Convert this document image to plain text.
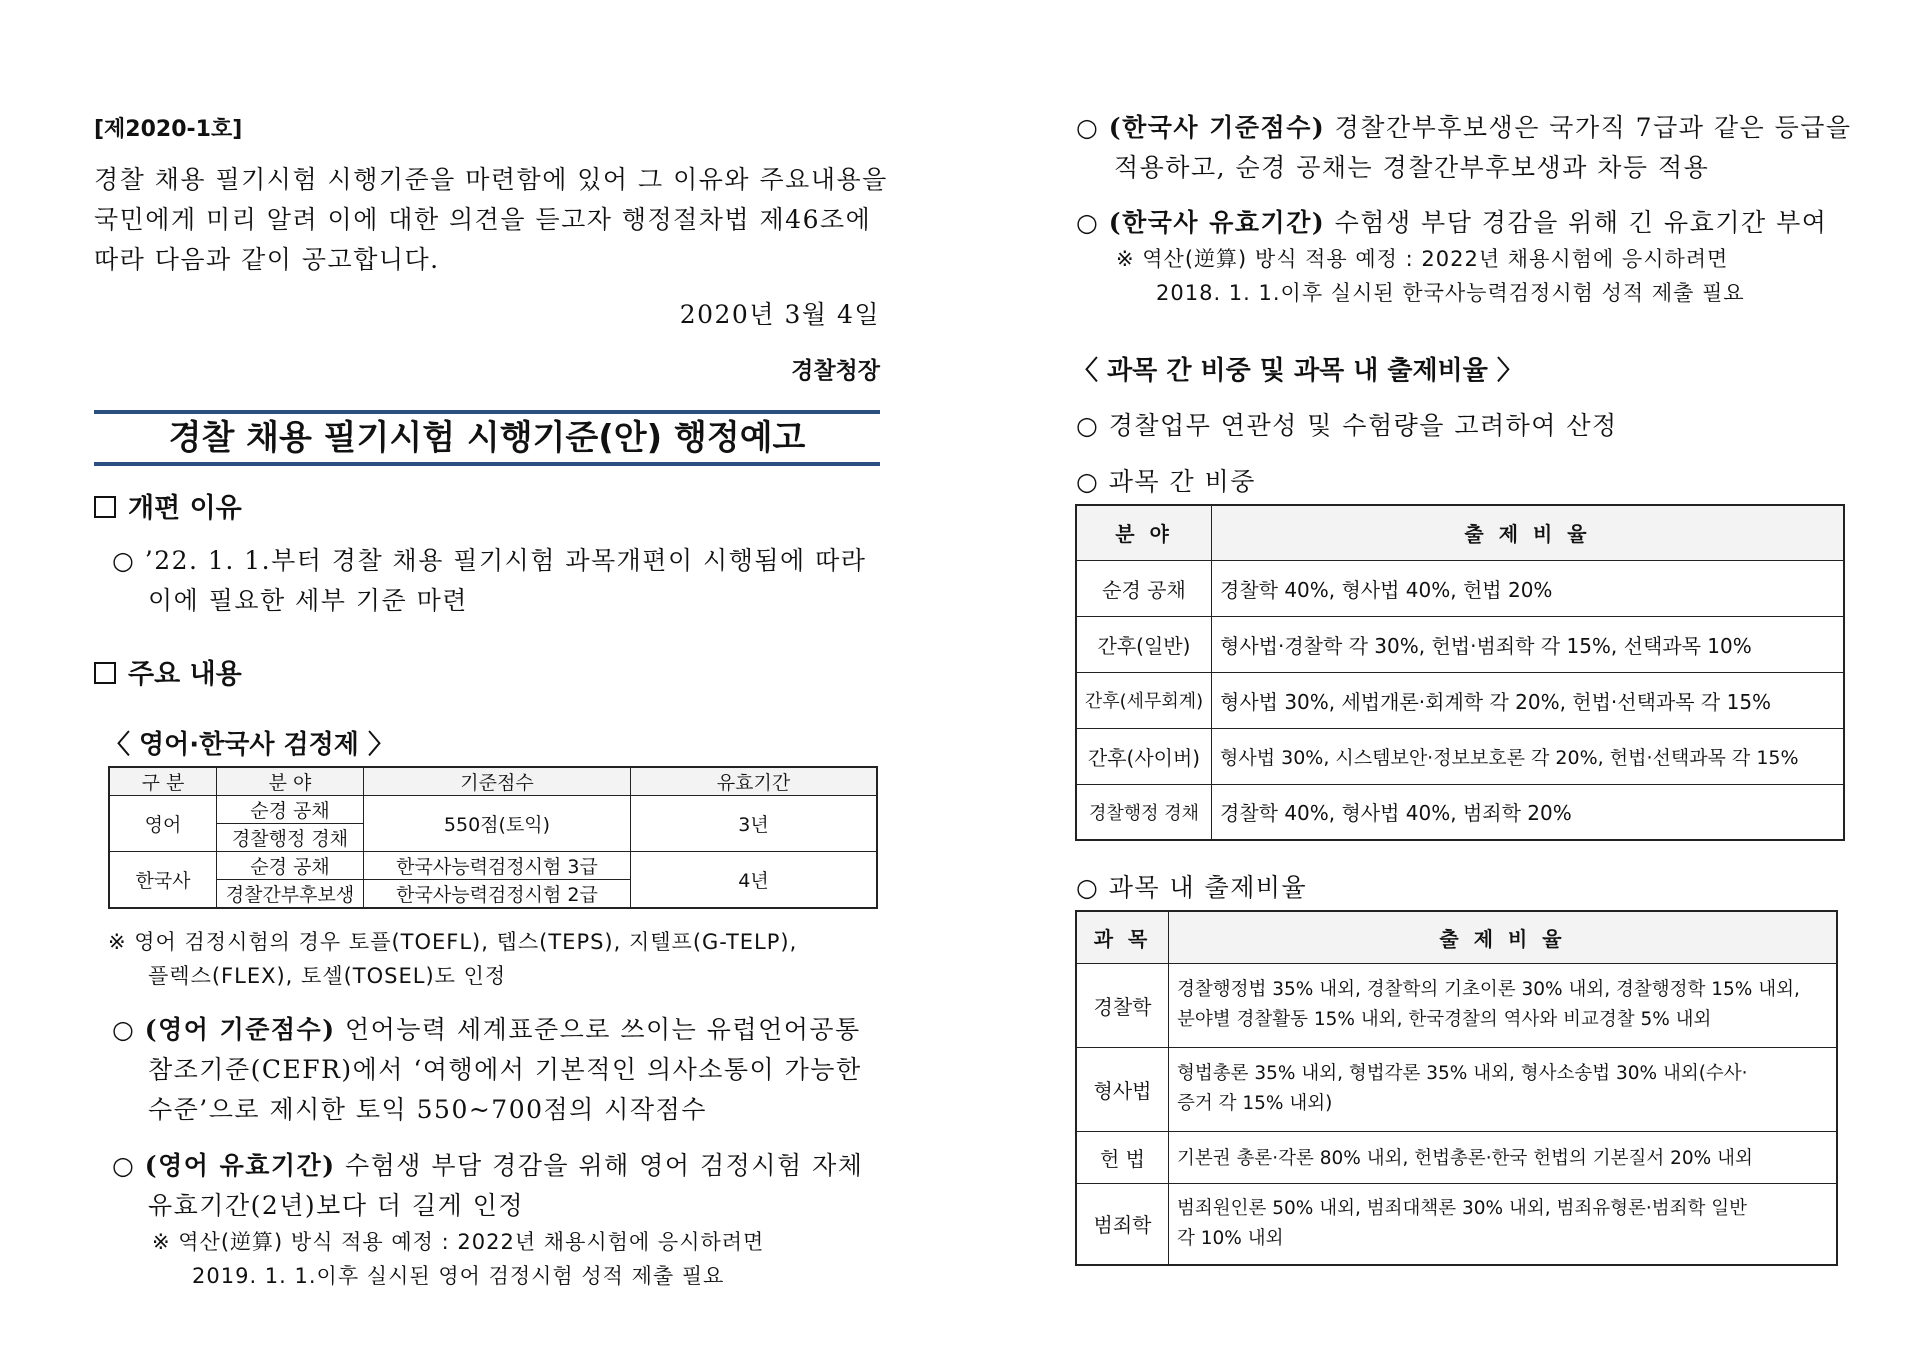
[제2020-1호]
경찰 채용 필기시험 시행기준을 마련함에 있어 그 이유와 주요내용을
국민에게 미리 알려 이에 대한 의견을 듣고자 행정절차법 제46조에
따라 다음과 같이 공고합니다.
2020년 3월 4일
경찰청장
경찰 채용 필기시험 시행기준(안) 행정예고
개편 이유
○ ’22. 1. 1.부터 경찰 채용 필기시험 과목개편이 시행됨에 따라
이에 필요한 세부 기준 마련
주요 내용
〈 영어·한국사 검정제 〉
구 분	분 야	기준점수	유효기간
영어	순경 공채	550점(토익)	3년
	경찰행정 경채		
한국사	순경 공채	한국사능력검정시험 3급	4년
	경찰간부후보생	한국사능력검정시험 2급	
※ 영어 검정시험의 경우 토플(TOEFL), 텝스(TEPS), 지텔프(G-TELP),
플렉스(FLEX), 토셀(TOSEL)도 인정
○ (영어 기준점수) 언어능력 세계표준으로 쓰이는 유럽언어공통
참조기준(CEFR)에서 ‘여행에서 기본적인 의사소통이 가능한
수준’으로 제시한 토익 550~700점의 시작점수
○ (영어 유효기간) 수험생 부담 경감을 위해 영어 검정시험 자체
유효기간(2년)보다 더 길게 인정
※ 역산(逆算) 방식 적용 예정 : 2022년 채용시험에 응시하려면
2019. 1. 1.이후 실시된 영어 검정시험 성적 제출 필요
○ (한국사 기준점수) 경찰간부후보생은 국가직 7급과 같은 등급을
적용하고, 순경 공채는 경찰간부후보생과 차등 적용
○ (한국사 유효기간) 수험생 부담 경감을 위해 긴 유효기간 부여
※ 역산(逆算) 방식 적용 예정 : 2022년 채용시험에 응시하려면
2018. 1. 1.이후 실시된 한국사능력검정시험 성적 제출 필요
〈 과목 간 비중 및 과목 내 출제비율 〉
○ 경찰업무 연관성 및 수험량을 고려하여 산정
○ 과목 간 비중
분 야	출 제 비 율
순경 공채	경찰학 40%, 형사법 40%, 헌법 20%
간후(일반)	형사법·경찰학 각 30%, 헌법·범죄학 각 15%, 선택과목 10%
간후(세무회계)	형사법 30%, 세법개론·회계학 각 20%, 헌법·선택과목 각 15%
간후(사이버)	형사법 30%, 시스템보안·정보보호론 각 20%, 헌법·선택과목 각 15%
경찰행정 경채	경찰학 40%, 형사법 40%, 범죄학 20%
○ 과목 내 출제비율
과 목	출 제 비 율
경찰학	경찰행정법 35% 내외, 경찰학의 기초이론 30% 내외, 경찰행정학 15% 내외,
분야별 경찰활동 15% 내외, 한국경찰의 역사와 비교경찰 5% 내외

형사법	형법총론 35% 내외, 형법각론 35% 내외, 형사소송법 30% 내외(수사·
증거 각 15% 내외)

헌 법	기본권 총론·각론 80% 내외, 헌법총론·한국 헌법의 기본질서 20% 내외

범죄학	범죄원인론 50% 내외, 범죄대책론 30% 내외, 범죄유형론·범죄학 일반
각 10% 내외
